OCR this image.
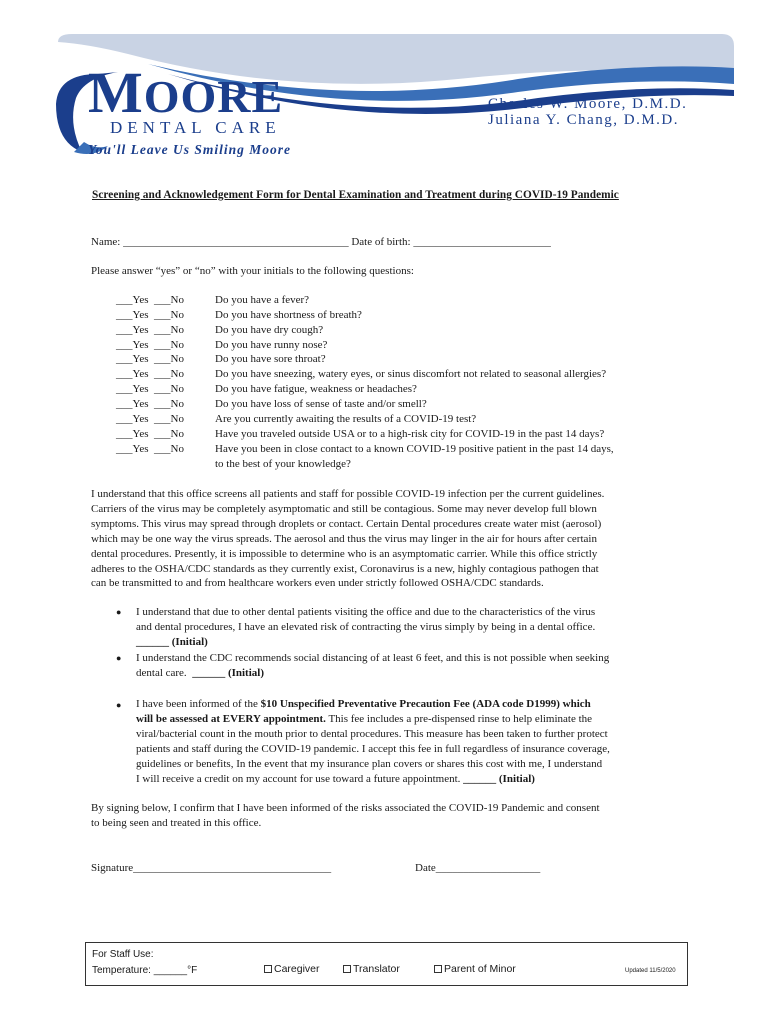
MOORE
DENTAL CARE
You'll Leave Us Smiling Moore
Charles W. Moore, D.M.D.
Juliana Y. Chang, D.M.D.
Screening and Acknowledgement Form for Dental Examination and Treatment during COVID-19 Pandemic
Name: _________________________________________ Date of birth: _________________________
Please answer “yes” or “no” with your initials to the following questions:
___Yes  ___No	Do you have a fever?
___Yes  ___No	Do you have shortness of breath?
___Yes  ___No	Do you have dry cough?
___Yes  ___No	Do you have runny nose?
___Yes  ___No	Do you have sore throat?
___Yes  ___No	Do you have sneezing, watery eyes, or sinus discomfort not related to seasonal allergies?
___Yes  ___No	Do you have fatigue, weakness or headaches?
___Yes  ___No	Do you have loss of sense of taste and/or smell?
___Yes  ___No	Are you currently awaiting the results of a COVID-19 test?
___Yes  ___No	Have you traveled outside USA or to a high-risk city for COVID-19 in the past 14 days?
___Yes  ___No	Have you been in close contact to a known COVID-19 positive patient in the past 14 days,
to the best of your knowledge?
I understand that this office screens all patients and staff for possible COVID-19 infection per the current guidelines.
Carriers of the virus may be completely asymptomatic and still be contagious. Some may never develop full blown
symptoms. This virus may spread through droplets or contact. Certain Dental procedures create water mist (aerosol)
which may be one way the virus spreads. The aerosol and thus the virus may linger in the air for hours after certain
dental procedures. Presently, it is impossible to determine who is an asymptomatic carrier. While this office strictly
adheres to the OSHA/CDC standards as they currently exist, Coronavirus is a new, highly contagious pathogen that
can be transmitted to and from healthcare workers even under strictly followed OSHA/CDC standards.
● I understand that due to other dental patients visiting the office and due to the characteristics of the virus
and dental procedures, I have an elevated risk of contracting the virus simply by being in a dental office.
______ (Initial)
● I understand the CDC recommends social distancing of at least 6 feet, and this is not possible when seeking
dental care. ______ (Initial)
● I have been informed of the $10 Unspecified Preventative Precaution Fee (ADA code D1999) which
will be assessed at EVERY appointment. This fee includes a pre-dispensed rinse to help eliminate the
viral/bacterial count in the mouth prior to dental procedures. This measure has been taken to further protect
patients and staff during the COVID-19 pandemic. I accept this fee in full regardless of insurance coverage,
guidelines or benefits, In the event that my insurance plan covers or shares this cost with me, I understand
I will receive a credit on my account for use toward a future appointment. ______ (Initial)
By signing below, I confirm that I have been informed of the risks associated the COVID-19 Pandemic and consent
to being seen and treated in this office.
Signature____________________________________	Date___________________
For Staff Use:
Temperature: ______°F	Caregiver	Translator	Parent of Minor	Updated 11/5/2020
